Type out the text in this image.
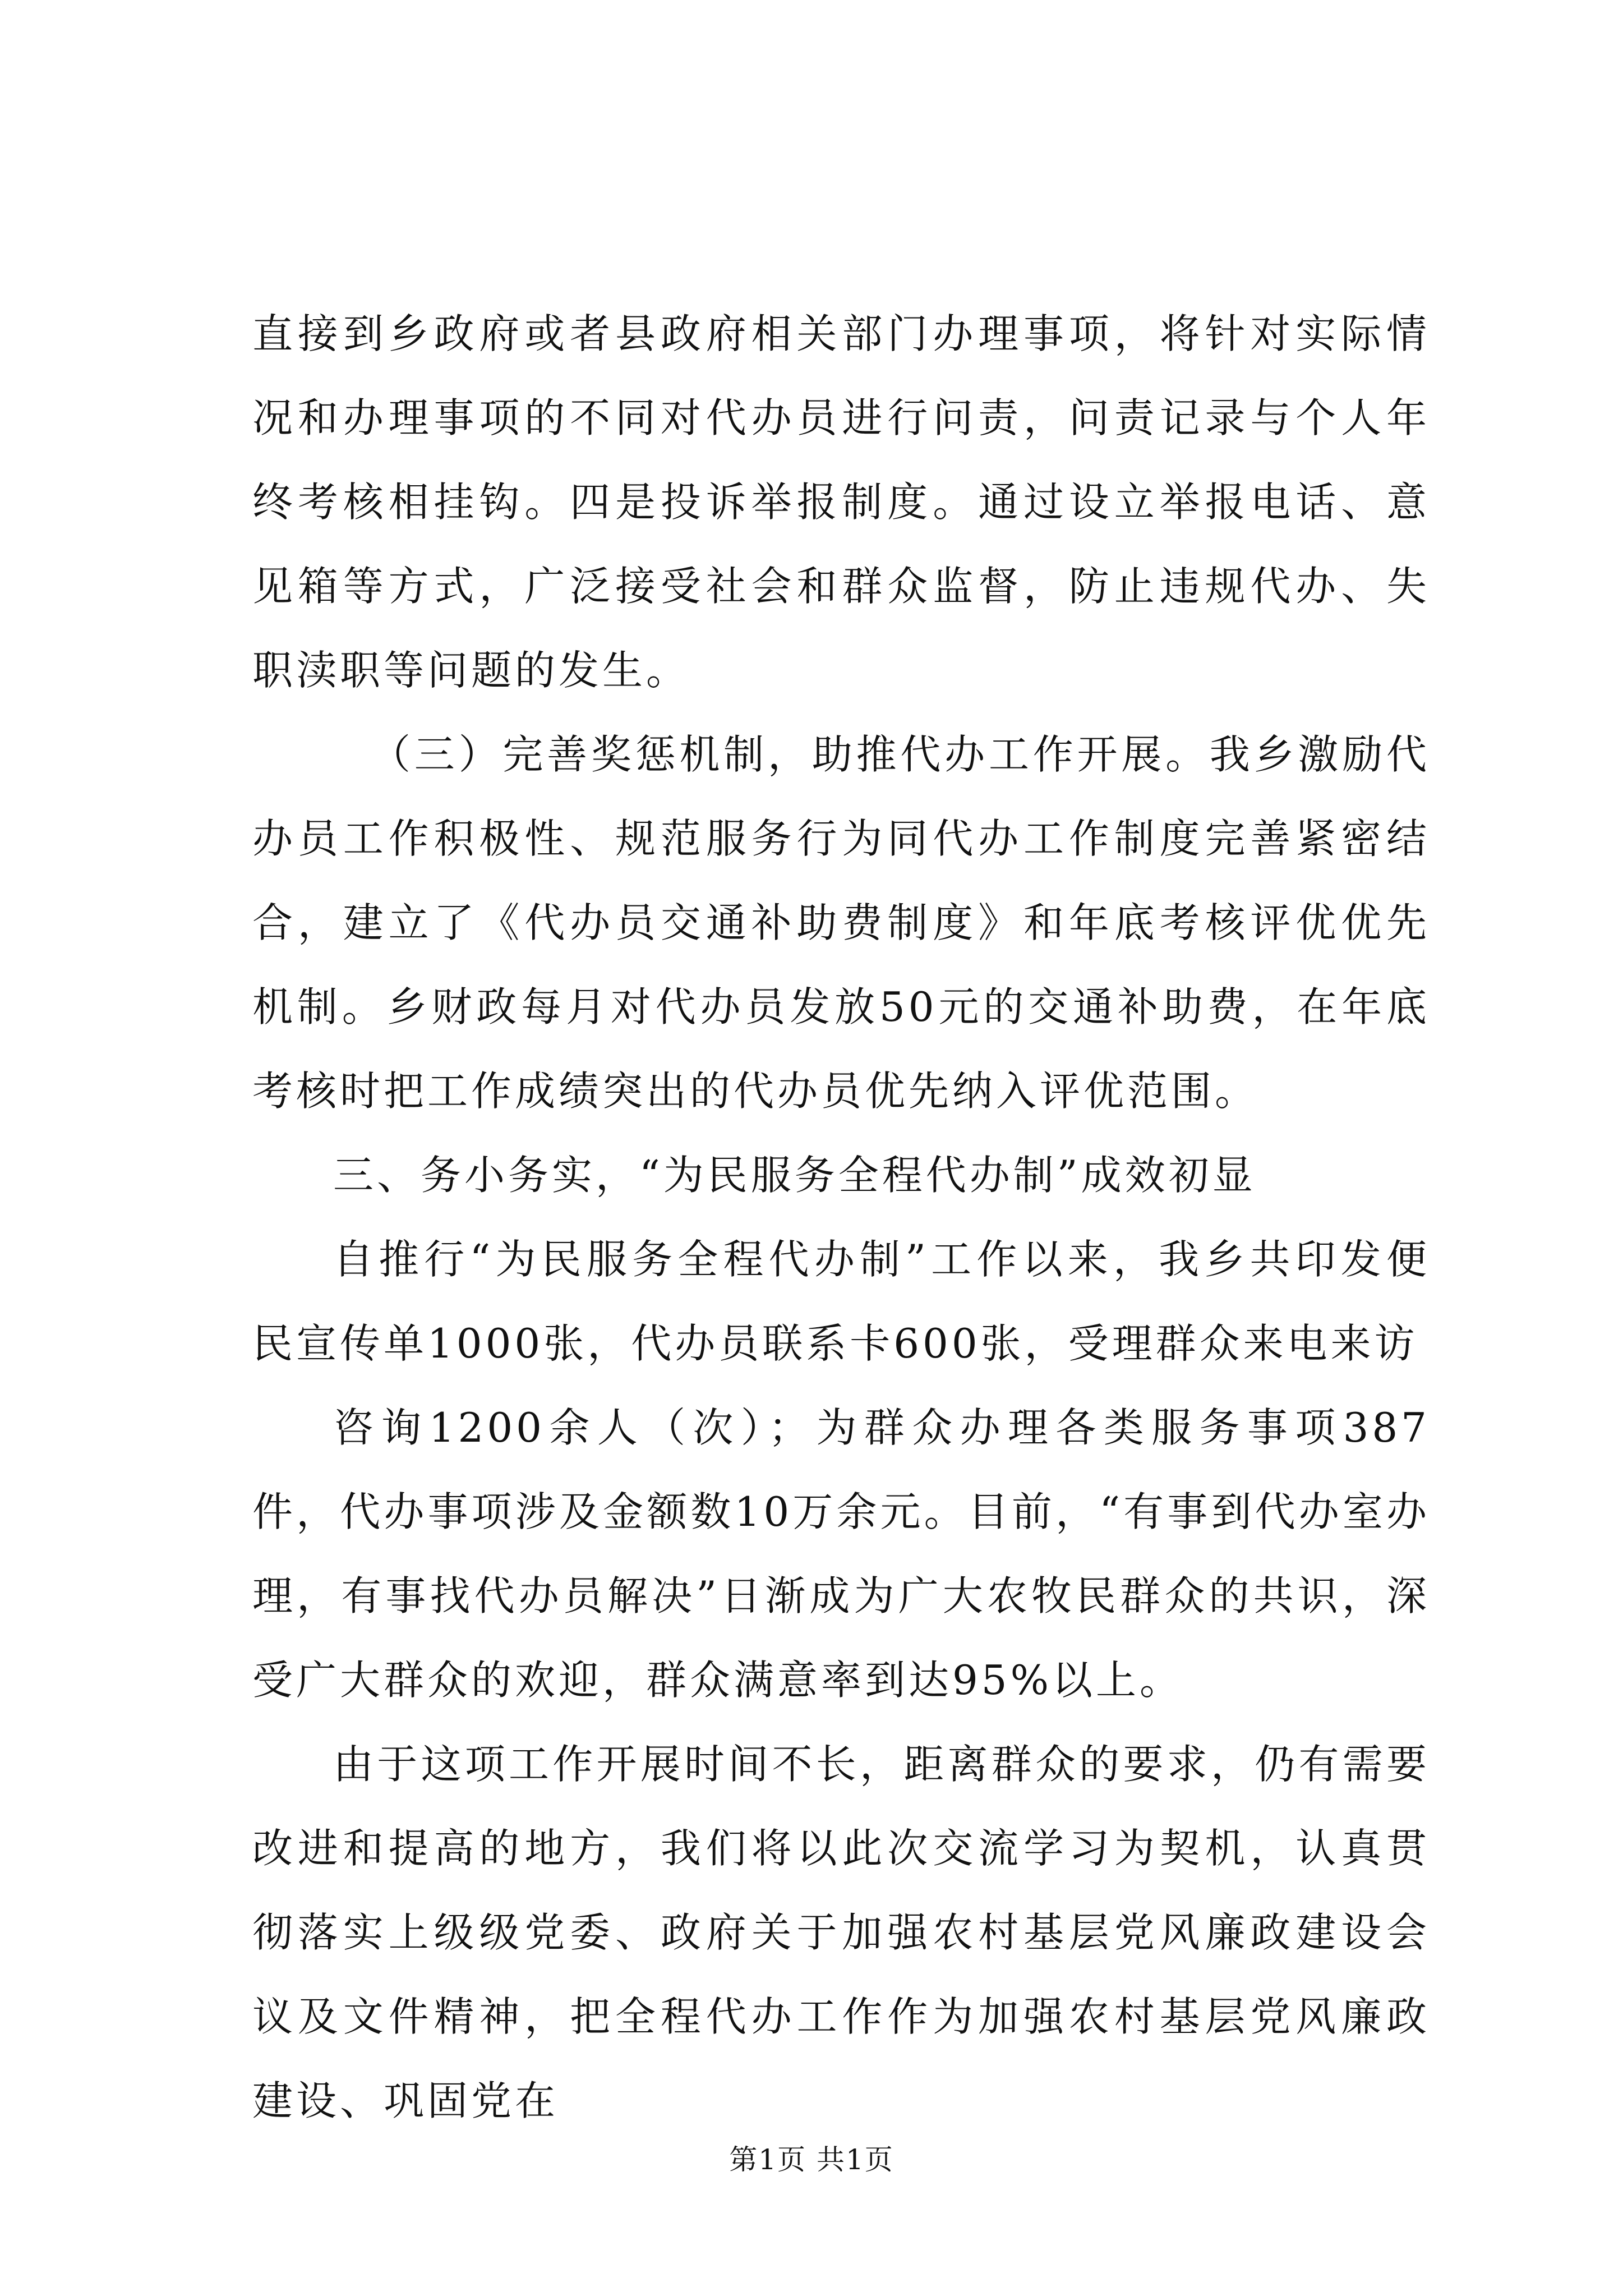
直接到乡政府或者县政府相关部门办理事项，将针对实际情况和办理事项的不同对代办员进行问责，问责记录与个人年终考核相挂钩。四是投诉举报制度。通过设立举报电话、意见箱等方式，广泛接受社会和群众监督，防止违规代办、失职渎职等问题的发生。

（三）完善奖惩机制，助推代办工作开展。我乡激励代办员工作积极性、规范服务行为同代办工作制度完善紧密结合，建立了《代办员交通补助费制度》和年底考核评优优先机制。乡财政每月对代办员发放50元的交通补助费，在年底考核时把工作成绩突出的代办员优先纳入评优范围。

三、务小务实，“为民服务全程代办制”成效初显

自推行“为民服务全程代办制”工作以来，我乡共印发便民宣传单1000张，代办员联系卡600张，受理群众来电来访

咨询1200余人（次）；为群众办理各类服务事项387件，代办事项涉及金额数10万余元。目前，“有事到代办室办理，有事找代办员解决”日渐成为广大农牧民群众的共识，深受广大群众的欢迎，群众满意率到达95%以上。

由于这项工作开展时间不长，距离群众的要求，仍有需要改进和提高的地方，我们将以此次交流学习为契机，认真贯彻落实上级级党委、政府关于加强农村基层党风廉政建设会议及文件精神，把全程代办工作作为加强农村基层党风廉政建设、巩固党在

第1页 共1页
